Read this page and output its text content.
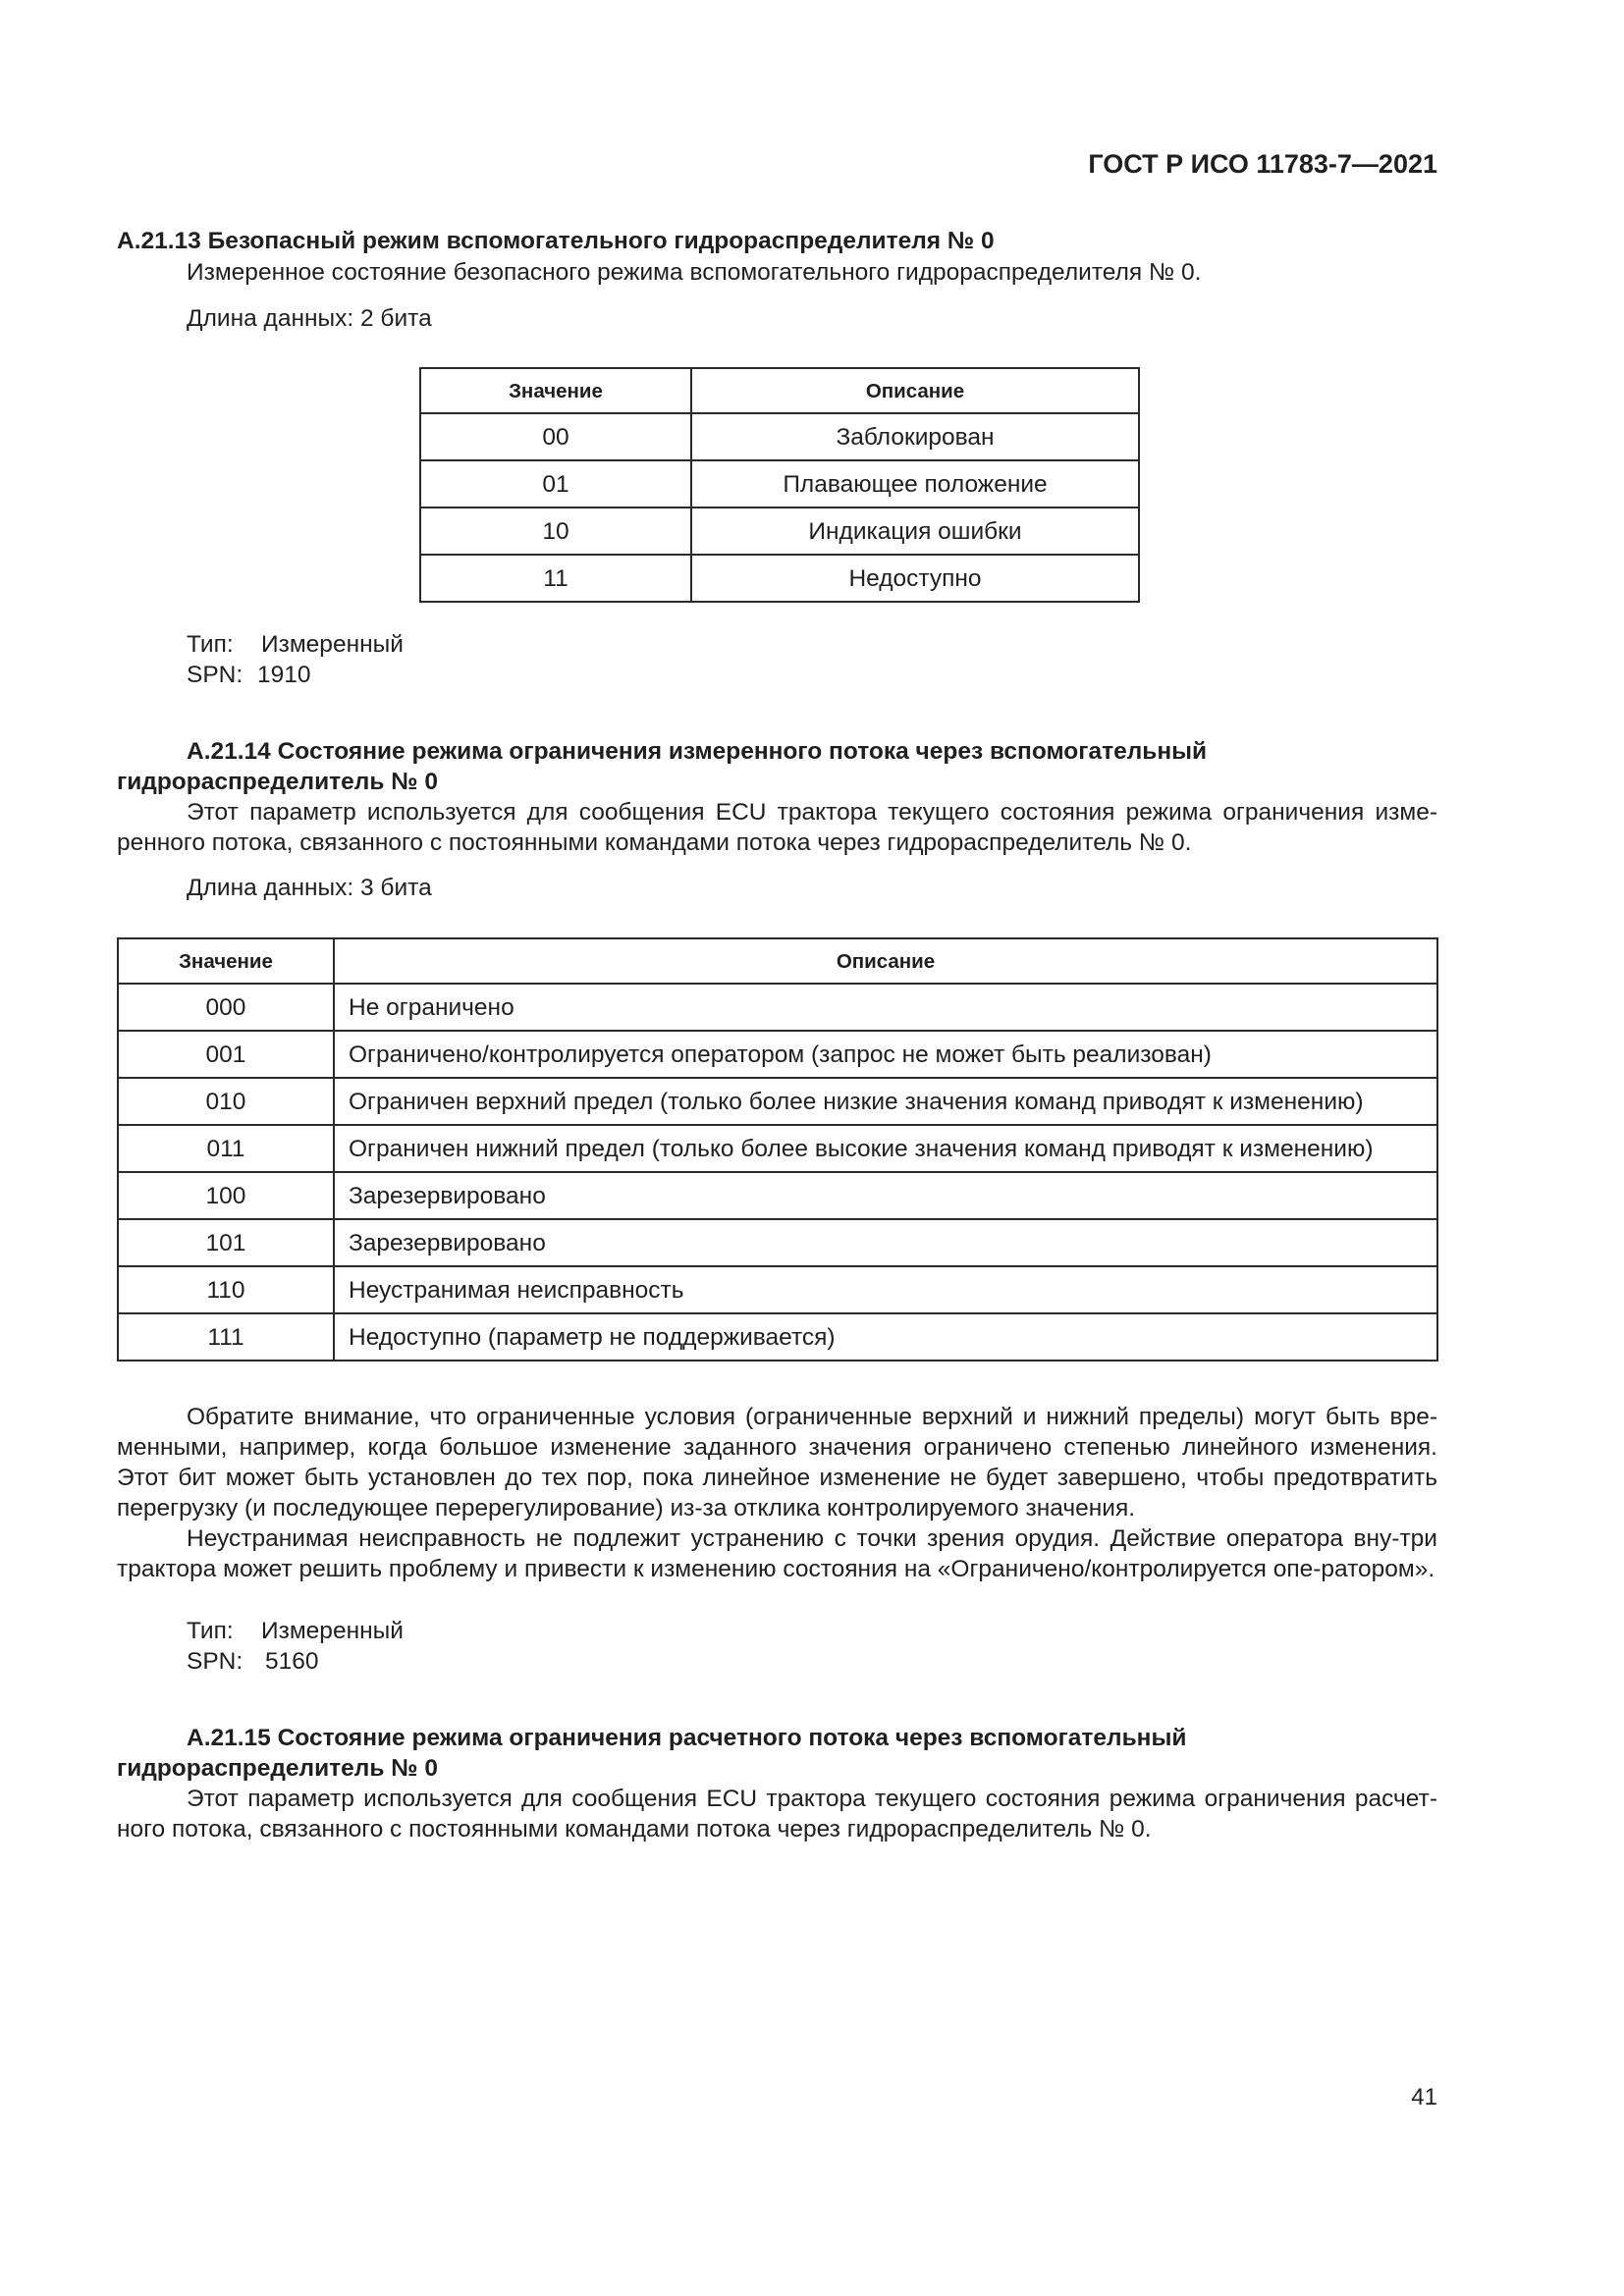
ГОСТ Р ИСО 11783-7—2021
А.21.13 Безопасный режим вспомогательного гидрораспределителя № 0
Измеренное состояние безопасного режима вспомогательного гидрораспределителя № 0.
Длина данных: 2 бита
Значение	Описание
00	Заблокирован
01	Плавающее положение
10	Индикация ошибки
11	Недоступно
Тип: Измеренный
SPN: 1910
А.21.14 Состояние режима ограничения измеренного потока через вспомогательный
гидрораспределитель № 0
Этот параметр используется для сообщения ECU трактора текущего состояния режима ограничения изме-ренного потока, связанного с постоянными командами потока через гидрораспределитель № 0.
Длина данных: 3 бита
Значение	Описание
000	Не ограничено
001	Ограничено/контролируется оператором (запрос не может быть реализован)
010	Ограничен верхний предел (только более низкие значения команд приводят к изменению)
011	Ограничен нижний предел (только более высокие значения команд приводят к изменению)
100	Зарезервировано
101	Зарезервировано
110	Неустранимая неисправность
111	Недоступно (параметр не поддерживается)
Обратите внимание, что ограниченные условия (ограниченные верхний и нижний пределы) могут быть вре-менными, например, когда большое изменение заданного значения ограничено степенью линейного изменения. Этот бит может быть установлен до тех пор, пока линейное изменение не будет завершено, чтобы предотвратить перегрузку (и последующее перерегулирование) из-за отклика контролируемого значения.
Неустранимая неисправность не подлежит устранению с точки зрения орудия. Действие оператора вну-три трактора может решить проблему и привести к изменению состояния на «Ограничено/контролируется опе-ратором».
Тип: Измеренный
SPN: 5160
А.21.15 Состояние режима ограничения расчетного потока через вспомогательный
гидрораспределитель № 0
Этот параметр используется для сообщения ECU трактора текущего состояния режима ограничения расчет-ного потока, связанного с постоянными командами потока через гидрораспределитель № 0.
41
